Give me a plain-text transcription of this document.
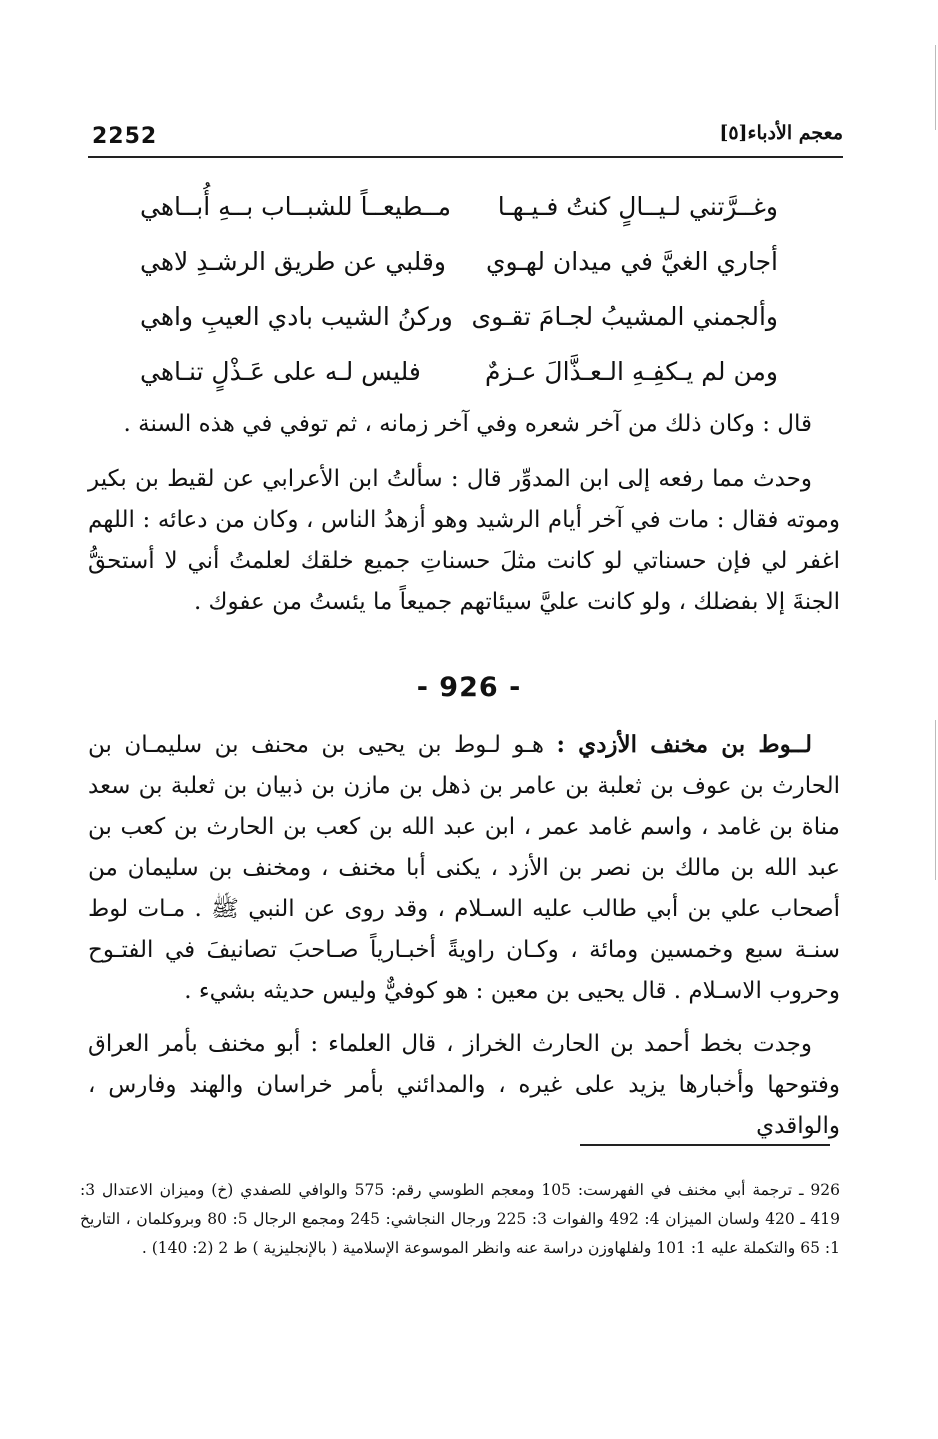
2252	معجم الأدباء[٥]
وغــرَّتني لـيــالٍ كنتُ فـيـهـا
مــطيعــاً للشبــاب بــهِ أُبــاهي
أجاري الغيَّ في ميدان لهـوي
وقلبي عن طريق الرشـدِ لاهي
وألجمني المشيبُ لجـامَ تقـوى
وركنُ الشيب بادي العيبِ واهي
ومن لم يـكفِـهِ الـعـذَّالَ عـزمٌ
فليس لـه على عَـذْلٍ تنـاهي

قال : وكان ذلك من آخر شعره وفي آخر زمانه ، ثم توفي في هذه السنة .

وحدث مما رفعه إلى ابن المدوِّر قال : سألتُ ابن الأعرابي عن لقيط بن بكير وموته فقال : مات في آخر أيام الرشيد وهو أزهدُ الناس ، وكان من دعائه : اللهم اغفر لي فإن حسناتي لو كانت مثلَ حسناتِ جميع خلقك لعلمتُ أني لا أستحقُّ الجنةَ إلا بفضلك ، ولو كانت عليَّ سيئاتهم جميعاً ما يئستُ من عفوك .

- 926 -

لــوط بن مخنف الأزدي : هـو لـوط بن يحيى بن محنف بن سليمـان بن الحارث بن عوف بن ثعلبة بن عامر بن ذهل بن مازن بن ذبيان بن ثعلبة بن سعد مناة بن غامد ، واسم غامد عمر ، ابن عبد الله بن كعب بن الحارث بن كعب بن عبد الله بن مالك بن نصر بن الأزد ، يكنى أبا مخنف ، ومخنف بن سليمان من أصحاب علي بن أبي طالب عليه السـلام ، وقد روى عن النبي ﷺ . مـات لوط سنـة سبع وخمسين ومائة ، وكـان راويةً أخبـارياً صـاحبَ تصانيفَ في الفتـوح وحروب الاسـلام . قال يحيى بن معين : هو كوفيٌّ وليس حديثه بشيء .

وجدت بخط أحمد بن الحارث الخراز ، قال العلماء : أبو مخنف بأمر العراق وفتوحها وأخبارها يزيد على غيره ، والمدائني بأمر خراسان والهند وفارس ، والواقدي

926 ـ ترجمة أبي مخنف في الفهرست: 105 ومعجم الطوسي رقم: 575 والوافي للصفدي (خ) وميزان الاعتدال 3: 419 ـ 420 ولسان الميزان 4: 492 والفوات 3: 225 ورجال النجاشي: 245 ومجمع الرجال 5: 80 وبروكلمان ، التاريخ 1: 65 والتكملة عليه 1: 101 ولفلهاوزن دراسة عنه وانظر الموسوعة الإسلامية ( بالإنجليزية ) ط 2 (2: 140) .
